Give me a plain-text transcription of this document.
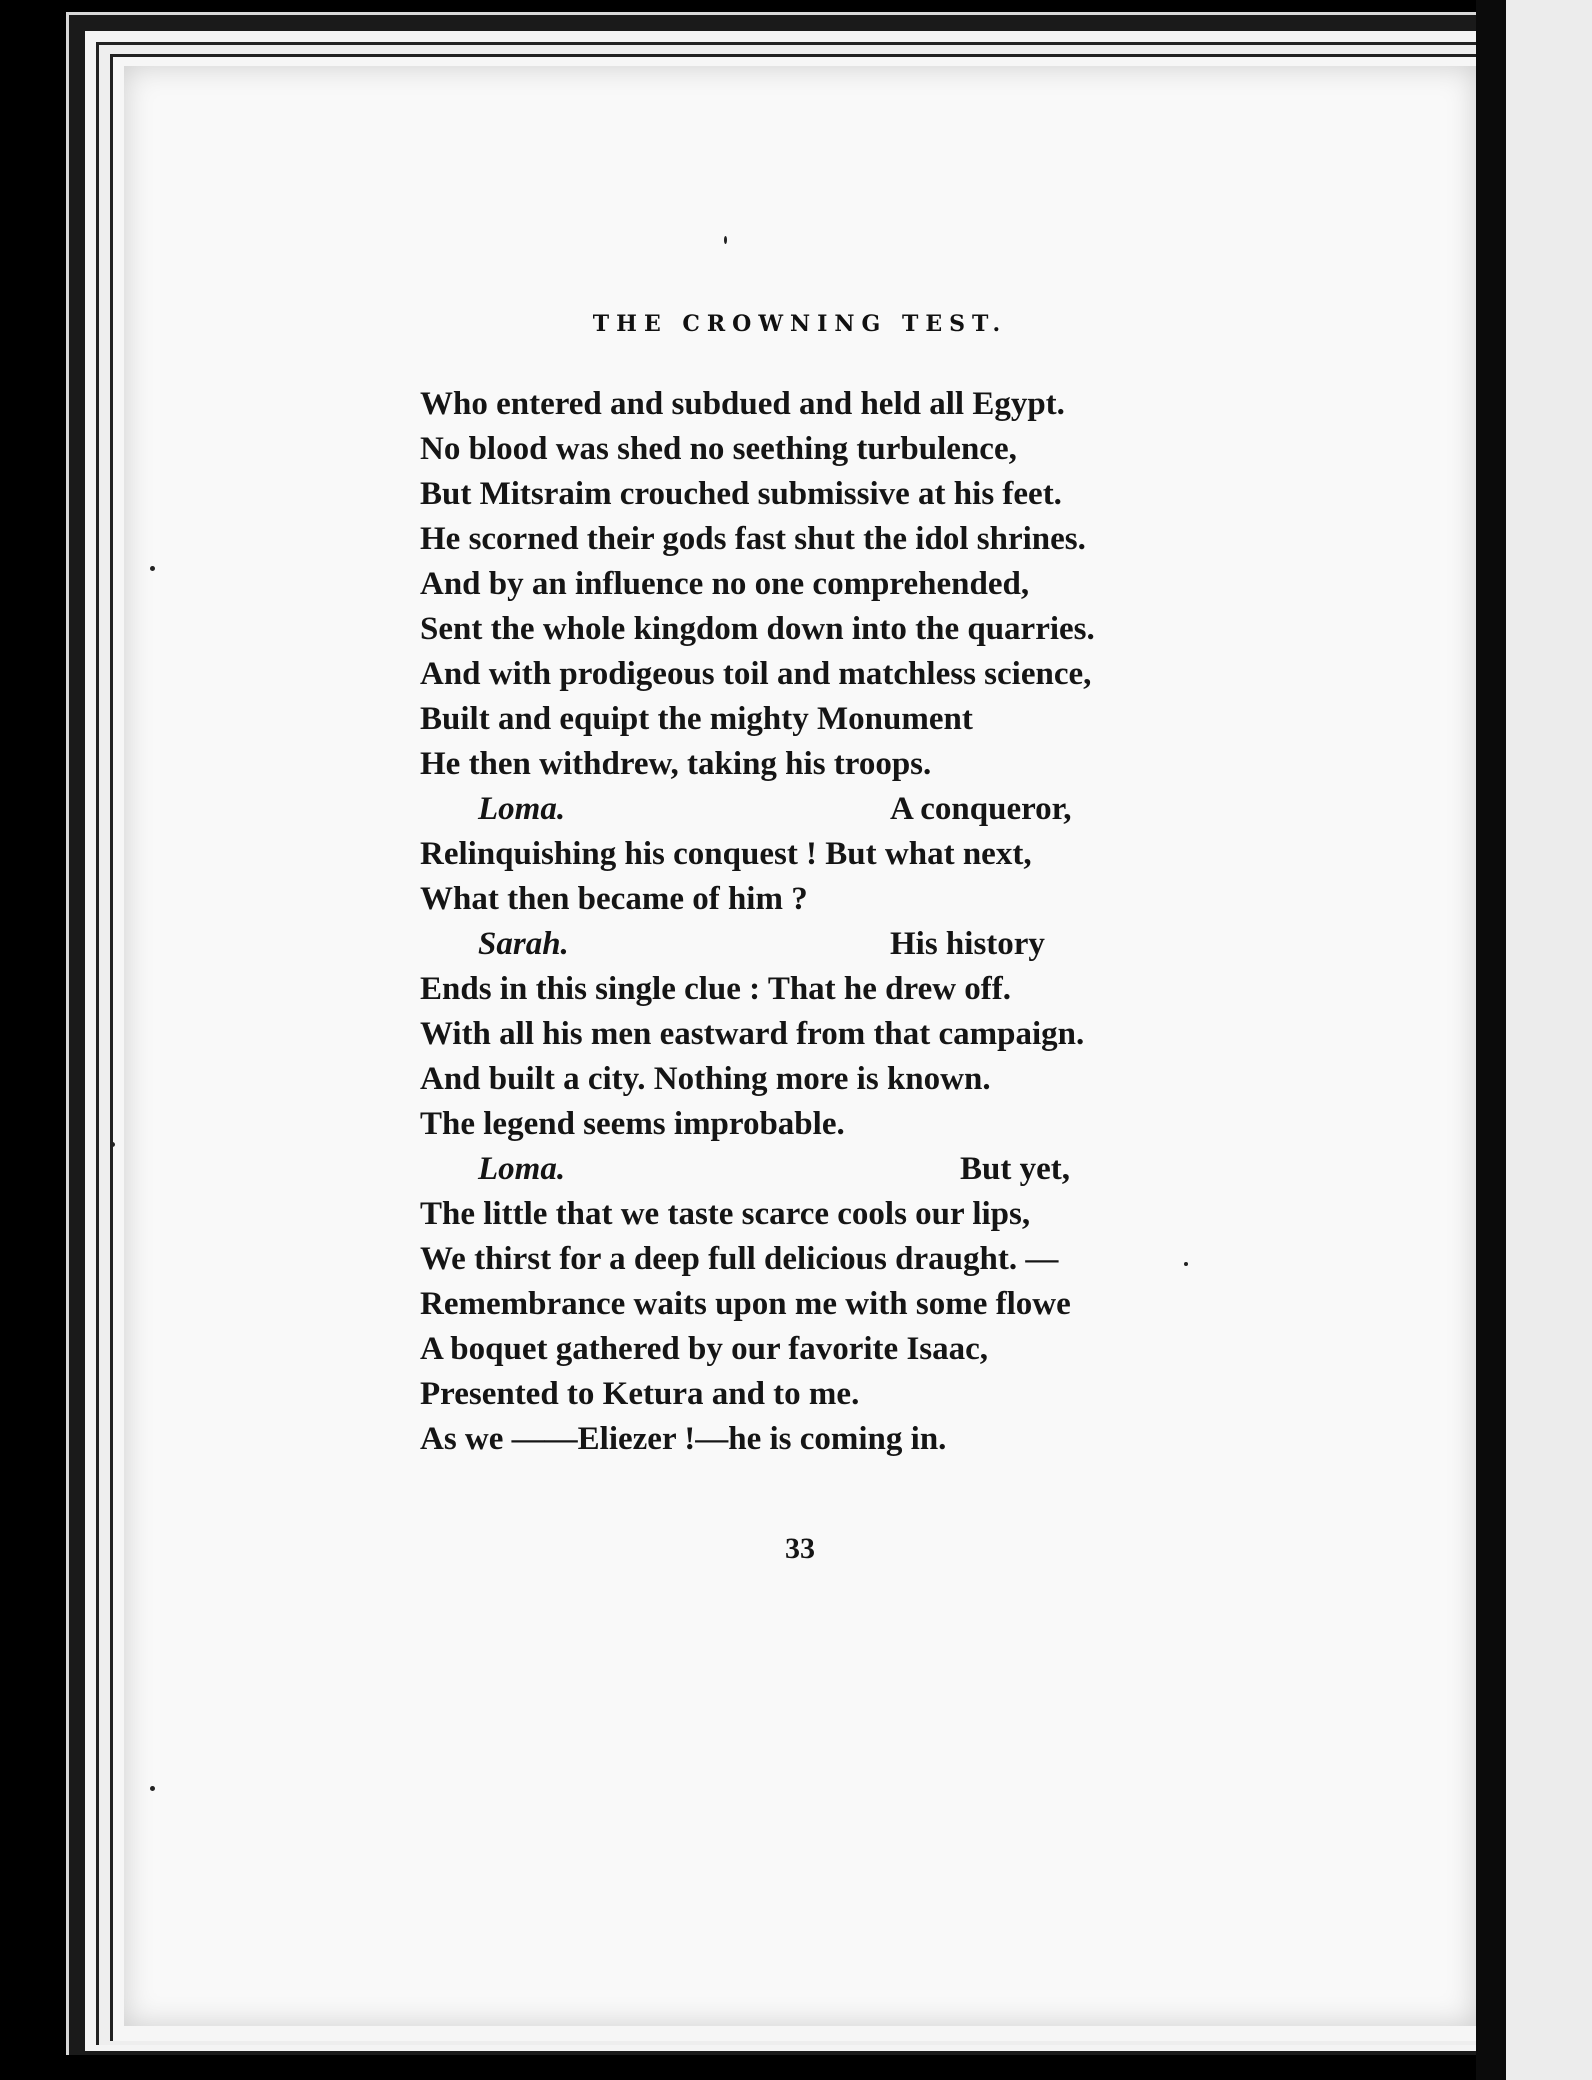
THE CROWNING TEST.
Who entered and subdued and held all Egypt.
No blood was shed no seething turbulence,
But Mitsraim crouched submissive at his feet.
He scorned their gods fast shut the idol shrines.
And by an influence no one comprehended,
Sent the whole kingdom down into the quarries.
And with prodigeous toil and matchless science,
Built and equipt the mighty Monument
He then withdrew, taking his troops.
Loma.	A conqueror,
Relinquishing his conquest ! But what next,
What then became of him ?
Sarah.	His history
Ends in this single clue : That he drew off.
With all his men eastward from that campaign.
And built a city. Nothing more is known.
The legend seems improbable.
Loma.	But yet,
The little that we taste scarce cools our lips,
We thirst for a deep full delicious draught. —
Remembrance waits upon me with some flowe
A boquet gathered by our favorite Isaac,
Presented to Ketura and to me.
As we ——Eliezer !—he is coming in.
33
